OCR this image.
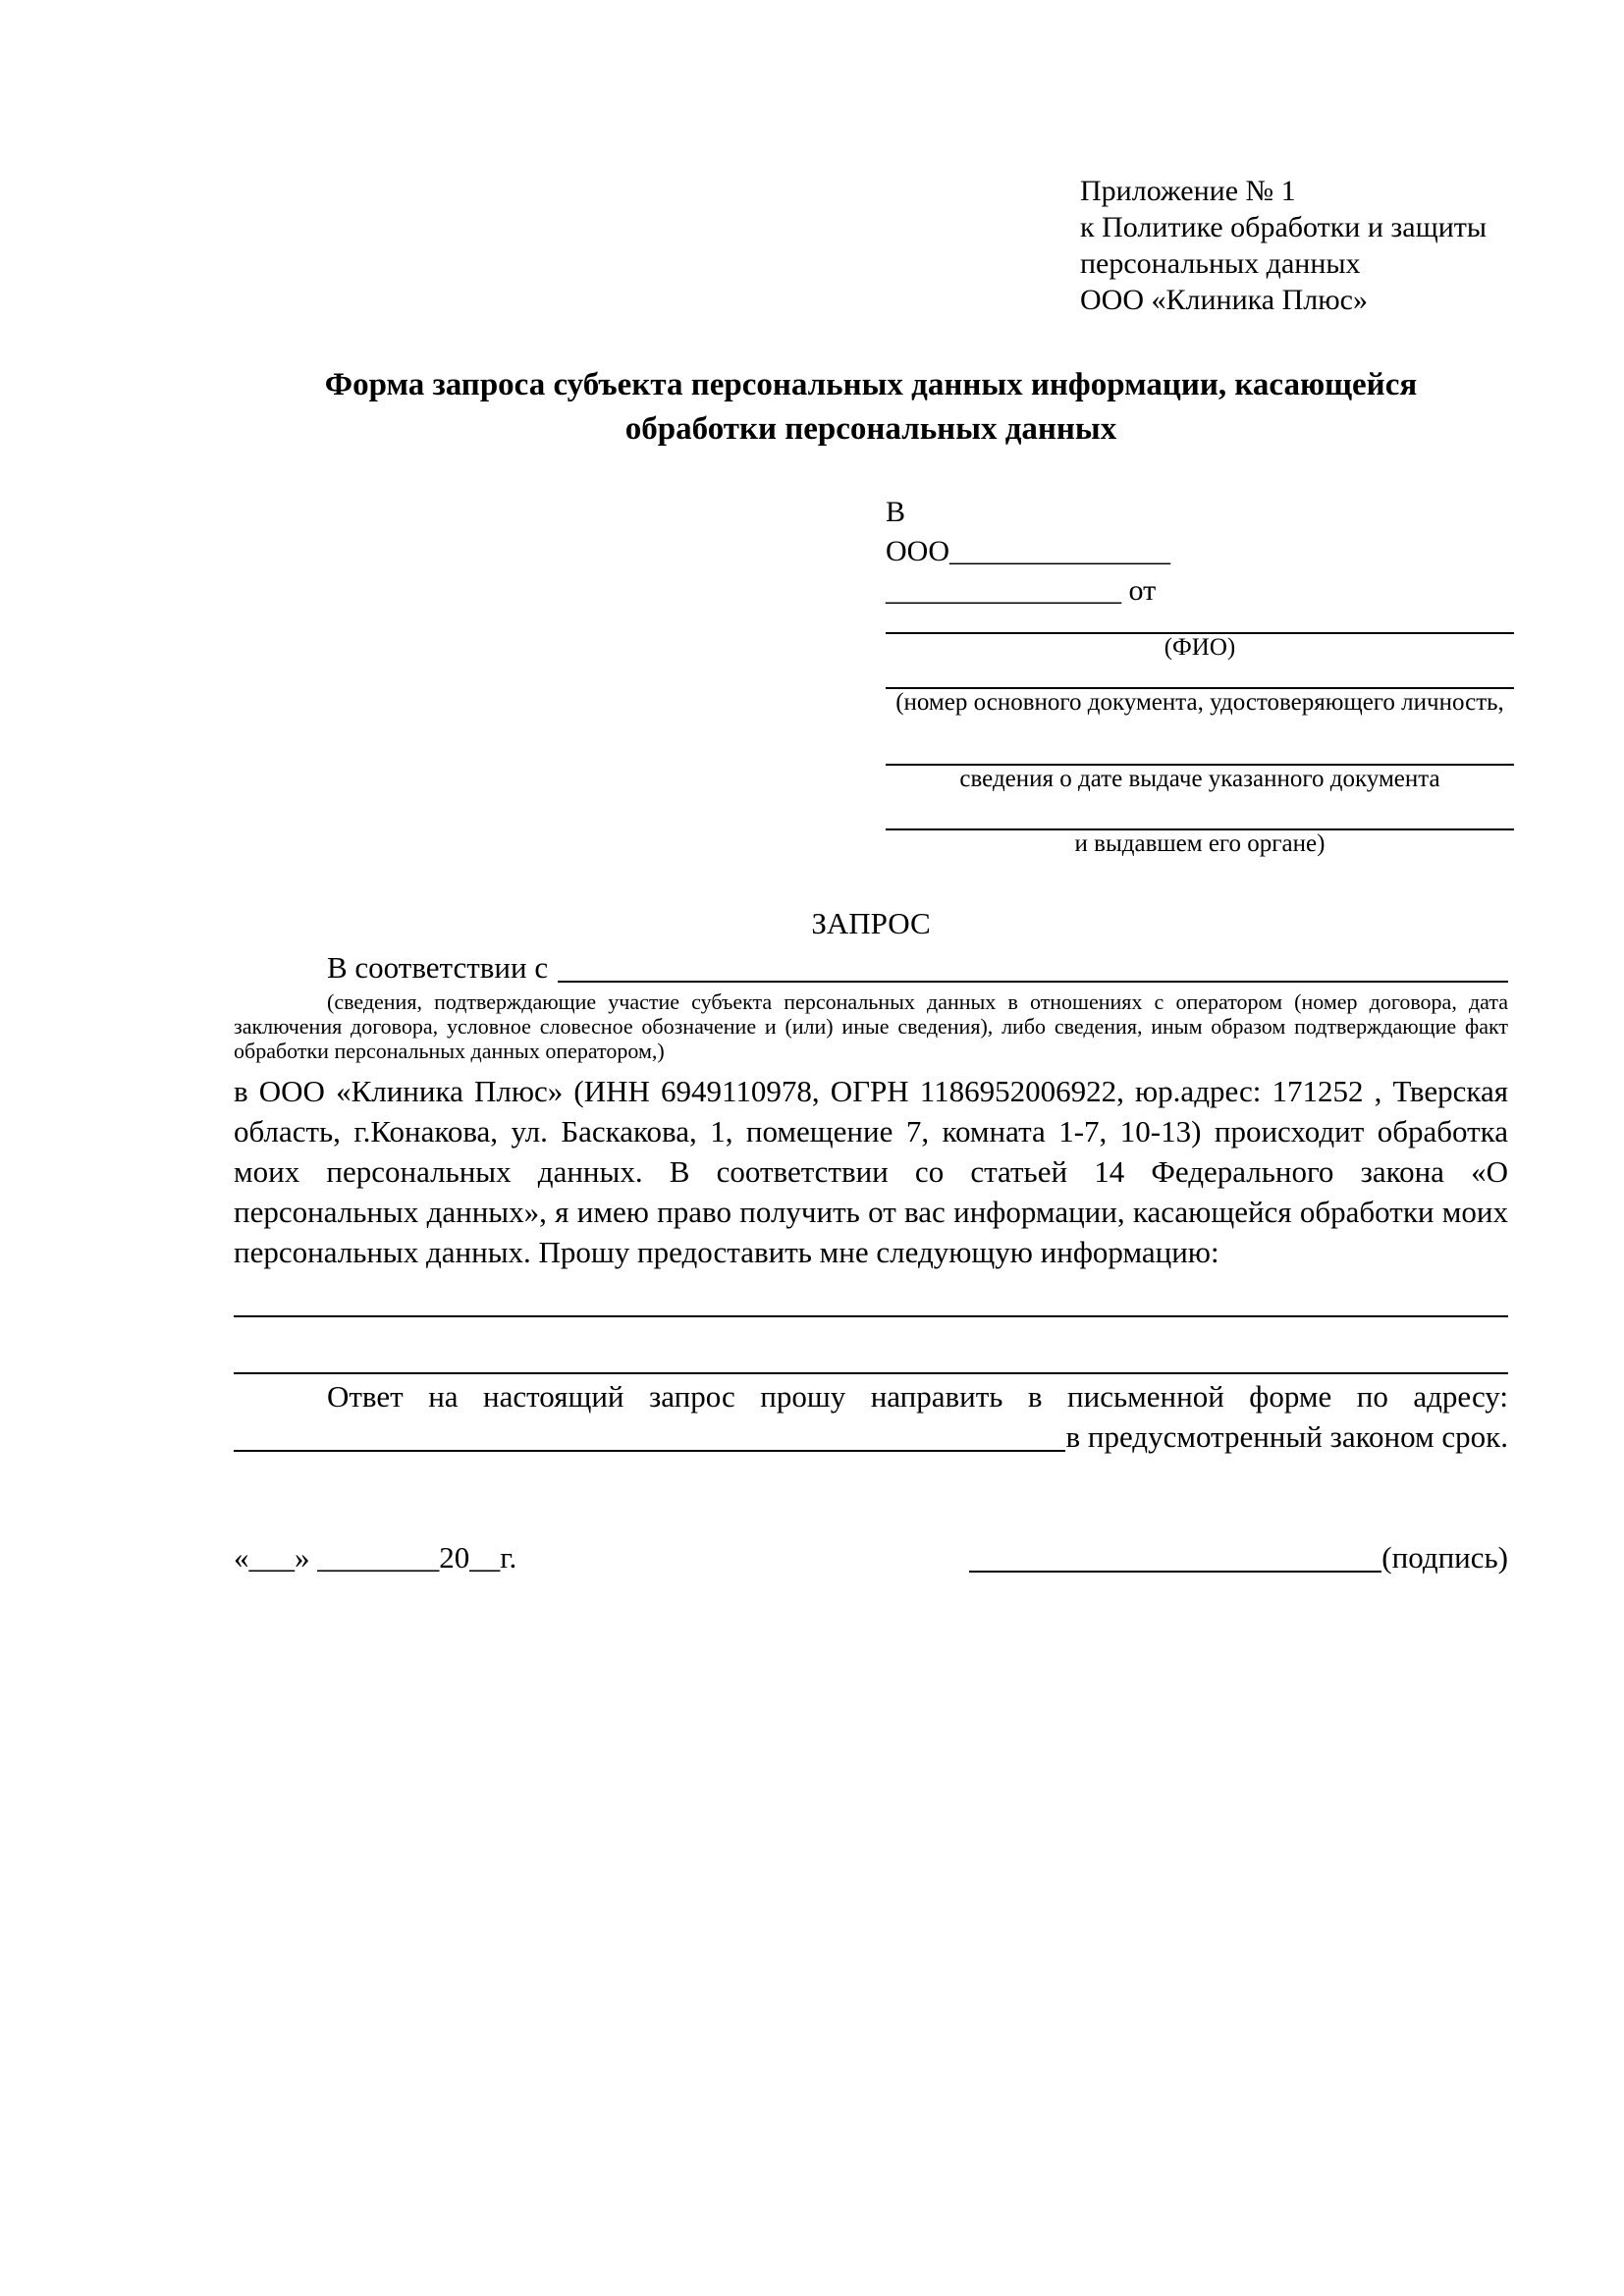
Приложение № 1
к Политике обработки и защиты
персональных данных
ООО «Клиника Плюс»
Форма запроса субъекта персональных данных информации, касающейся обработки персональных данных
В
ООО_______________
________________ от
(ФИО)
(номер основного документа, удостоверяющего личность,
сведения о дате выдаче указанного документа
и выдавшем его органе)
ЗАПРОС
В соответствии с
(сведения, подтверждающие участие субъекта персональных данных в отношениях с оператором (номер договора, дата заключения договора, условное словесное обозначение и (или) иные сведения), либо сведения, иным образом подтверждающие факт обработки персональных данных оператором,)
в ООО «Клиника Плюс» (ИНН 6949110978, ОГРН 1186952006922, юр.адрес: 171252 , Тверская область, г.Конакова, ул. Баскакова, 1, помещение 7, комната 1-7, 10-13) происходит обработка моих персональных данных. В соответствии со статьей 14 Федерального закона «О персональных данных», я имею право получить от вас информации, касающейся обработки моих персональных данных. Прошу предоставить мне следующую информацию:

Ответ на настоящий запрос прошу направить в письменной форме по адресу:

в предусмотренный законом срок.
«___» ________20__г.	(подпись)
